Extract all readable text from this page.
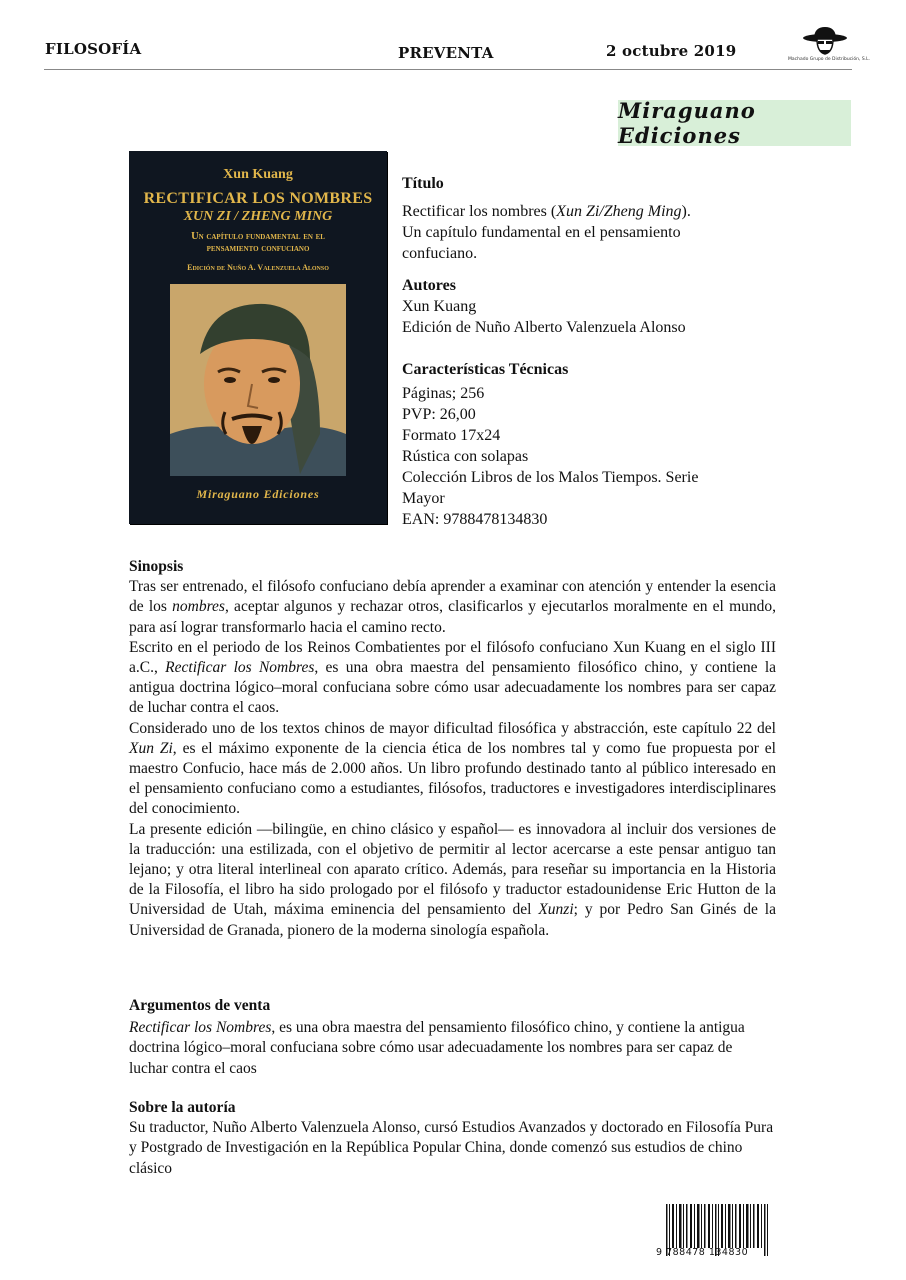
FILOSOFÍA	PREVENTA	2 octubre 2019	Machado Grupo de Distribución, S.L.
Miraguano Ediciones
Xun Kuang
RECTIFICAR LOS NOMBRES
XUN ZI / ZHENG MING
Un capítulo fundamental en el
pensamiento confuciano
Edición de Nuño A. Valenzuela Alonso
Miraguano Ediciones
Título

Rectificar los nombres (Xun Zi/Zheng Ming).

Un capítulo fundamental en el pensamiento

confuciano.

Autores

Xun Kuang

Edición de Nuño Alberto Valenzuela Alonso

Características Técnicas

Páginas; 256

PVP: 26,00

Formato 17x24

Rústica con solapas

Colección Libros de los Malos Tiempos. Serie

Mayor

EAN: 9788478134830

Sinopsis

Tras ser entrenado, el filósofo confuciano debía aprender a examinar con atención y entender la esencia de los nombres, aceptar algunos y rechazar otros, clasificarlos y ejecutarlos moralmente en el mundo, para así lograr transformarlo hacia el camino recto.

Escrito en el periodo de los Reinos Combatientes por el filósofo confuciano Xun Kuang en el siglo III a.C., Rectificar los Nombres, es una obra maestra del pensamiento filosófico chino, y contiene la antigua doctrina lógico–moral confuciana sobre cómo usar adecuadamente los nombres para ser capaz de luchar contra el caos.

Considerado uno de los textos chinos de mayor dificultad filosófica y abstracción, este capítulo 22 del Xun Zi, es el máximo exponente de la ciencia ética de los nombres tal y como fue propuesta por el maestro Confucio, hace más de 2.000 años. Un libro profundo destinado tanto al público interesado en el pensamiento confuciano como a estudiantes, filósofos, traductores e investigadores interdisciplinares del conocimiento.

La presente edición —bilingüe, en chino clásico y español— es innovadora al incluir dos versiones de la traducción: una estilizada, con el objetivo de permitir al lector acercarse a este pensar antiguo tan lejano; y otra literal interlineal con aparato crítico. Además, para reseñar su importancia en la Historia de la Filosofía, el libro ha sido prologado por el filósofo y traductor estadounidense Eric Hutton de la Universidad de Utah, máxima eminencia del pensamiento del Xunzi; y por Pedro San Ginés de la Universidad de Granada, pionero de la moderna sinología española.

Argumentos de venta

Rectificar los Nombres, es una obra maestra del pensamiento filosófico chino, y contiene la antigua doctrina lógico–moral confuciana sobre cómo usar adecuadamente los nombres para ser capaz de luchar contra el caos

Sobre la autoría

Su traductor, Nuño Alberto Valenzuela Alonso, cursó Estudios Avanzados y doctorado en Filosofía Pura y Postgrado de Investigación en la República Popular China, donde comenzó sus estudios de chino clásico

9 788478 134830
